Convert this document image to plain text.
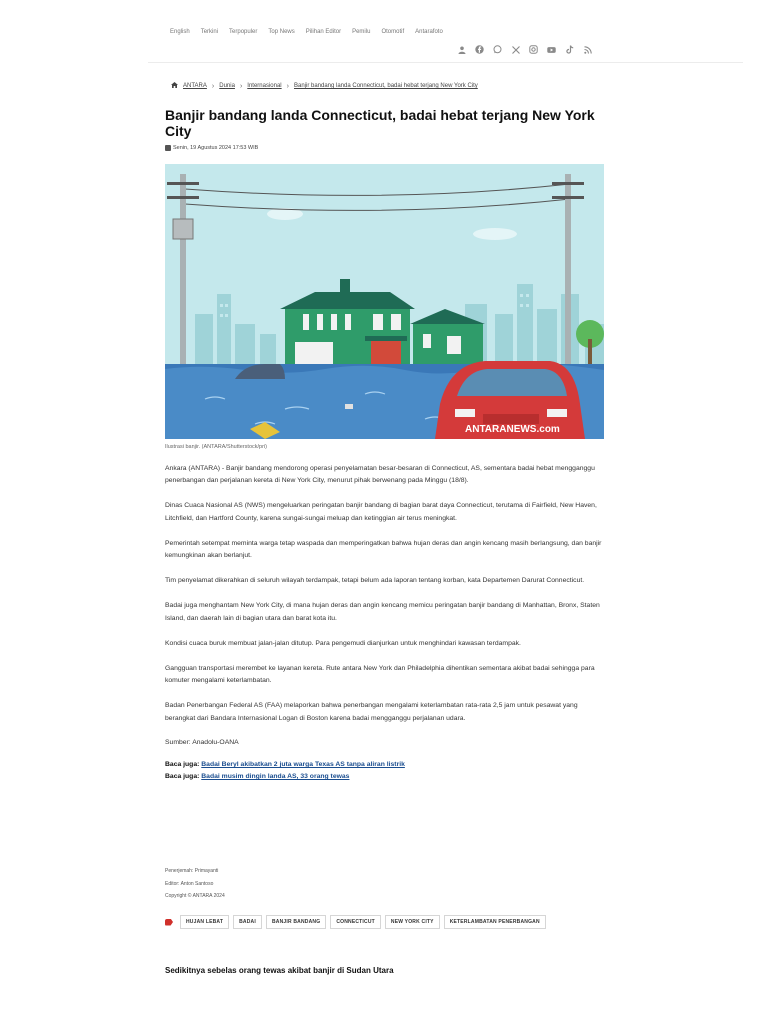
English Terkini Terpopuler Top News Pilihan Editor Pemilu Otomotif Antarafoto
ANTARA › Dunia › Internasional › Banjir bandang landa Connecticut, badai hebat terjang New York City
Banjir bandang landa Connecticut, badai hebat terjang New York City
Senin, 19 Agustus 2024 17:53 WIB
ANTARANEWS.com
Ilustrasi banjir. (ANTARA/Shutterstock/pri)

Ankara (ANTARA) - Banjir bandang mendorong operasi penyelamatan besar-besaran di Connecticut, AS, sementara badai hebat mengganggu penerbangan dan perjalanan kereta di New York City, menurut pihak berwenang pada Minggu (18/8).

Dinas Cuaca Nasional AS (NWS) mengeluarkan peringatan banjir bandang di bagian barat daya Connecticut, terutama di Fairfield, New Haven, Litchfield, dan Hartford County, karena sungai-sungai meluap dan ketinggian air terus meningkat.

Pemerintah setempat meminta warga tetap waspada dan memperingatkan bahwa hujan deras dan angin kencang masih berlangsung, dan banjir kemungkinan akan berlanjut.

Tim penyelamat dikerahkan di seluruh wilayah terdampak, tetapi belum ada laporan tentang korban, kata Departemen Darurat Connecticut.

Badai juga menghantam New York City, di mana hujan deras dan angin kencang memicu peringatan banjir bandang di Manhattan, Bronx, Staten Island, dan daerah lain di bagian utara dan barat kota itu.

Kondisi cuaca buruk membuat jalan-jalan ditutup. Para pengemudi dianjurkan untuk menghindari kawasan terdampak.

Gangguan transportasi merembet ke layanan kereta. Rute antara New York dan Philadelphia dihentikan sementara akibat badai sehingga para komuter mengalami keterlambatan.

Badan Penerbangan Federal AS (FAA) melaporkan bahwa penerbangan mengalami keterlambatan rata-rata 2,5 jam untuk pesawat yang berangkat dari Bandara Internasional Logan di Boston karena badai mengganggu perjalanan udara.

Sumber: Anadolu-OANA
Baca juga: Badai Beryl akibatkan 2 juta warga Texas AS tanpa aliran listrik
Baca juga: Badai musim dingin landa AS, 33 orang tewas
Penerjemah: Primayanti
Editor: Anton Santoso
Copyright © ANTARA 2024
HUJAN LEBAT	BADAI	BANJIR BANDANG	CONNECTICUT	NEW YORK CITY	KETERLAMBATAN PENERBANGAN
Sedikitnya sebelas orang tewas akibat banjir di Sudan Utara
